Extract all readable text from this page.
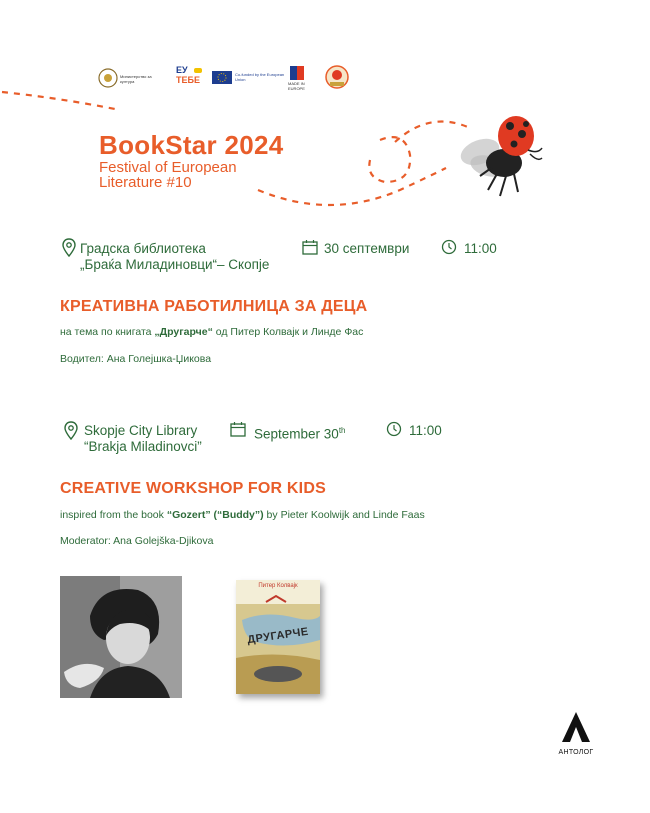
Министерство за културa
ЕУ
ТЕБЕ
Co-funded by the European Union
MADE IN EUROPE
BookStar 2024
Festival of European
Literature #10
Градска библиотека
„Браќа Миладиновци“– Скопје
30 септември	11:00
КРЕАТИВНА РАБОТИЛНИЦА ЗА ДЕЦА
на тема по книгата „Другарче“ од Питер Колвајк и Линде Фас
Водител: Ана Голејшка-Џикова
Skopje City Library
“Brakja Miladinovci”
September 30th	11:00
CREATIVE WORKSHOP FOR KIDS
inspired from the book “Gozert” (“Buddy”) by Pieter Koolwijk and Linde Faas
Moderator: Ana Golejška-Djikova
Питер Колвајк
ДРУГАРЧЕ
АНТОЛОГ
